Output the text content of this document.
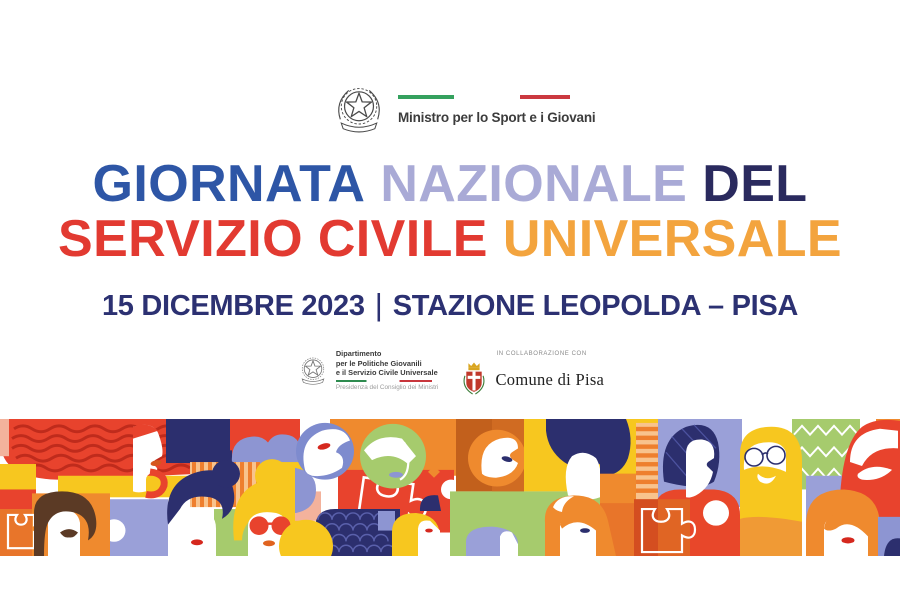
Ministro per lo Sport e i Giovani
GIORNATA NAZIONALE DEL
SERVIZIO CIVILE UNIVERSALE
15 DICEMBRE 2023 | STAZIONE LEOPOLDA – PISA
Dipartimento
per le Politiche Giovanili
e il Servizio Civile Universale
Presidenza del Consiglio dei Ministri
IN COLLABORAZIONE CON
Comune di Pisa
